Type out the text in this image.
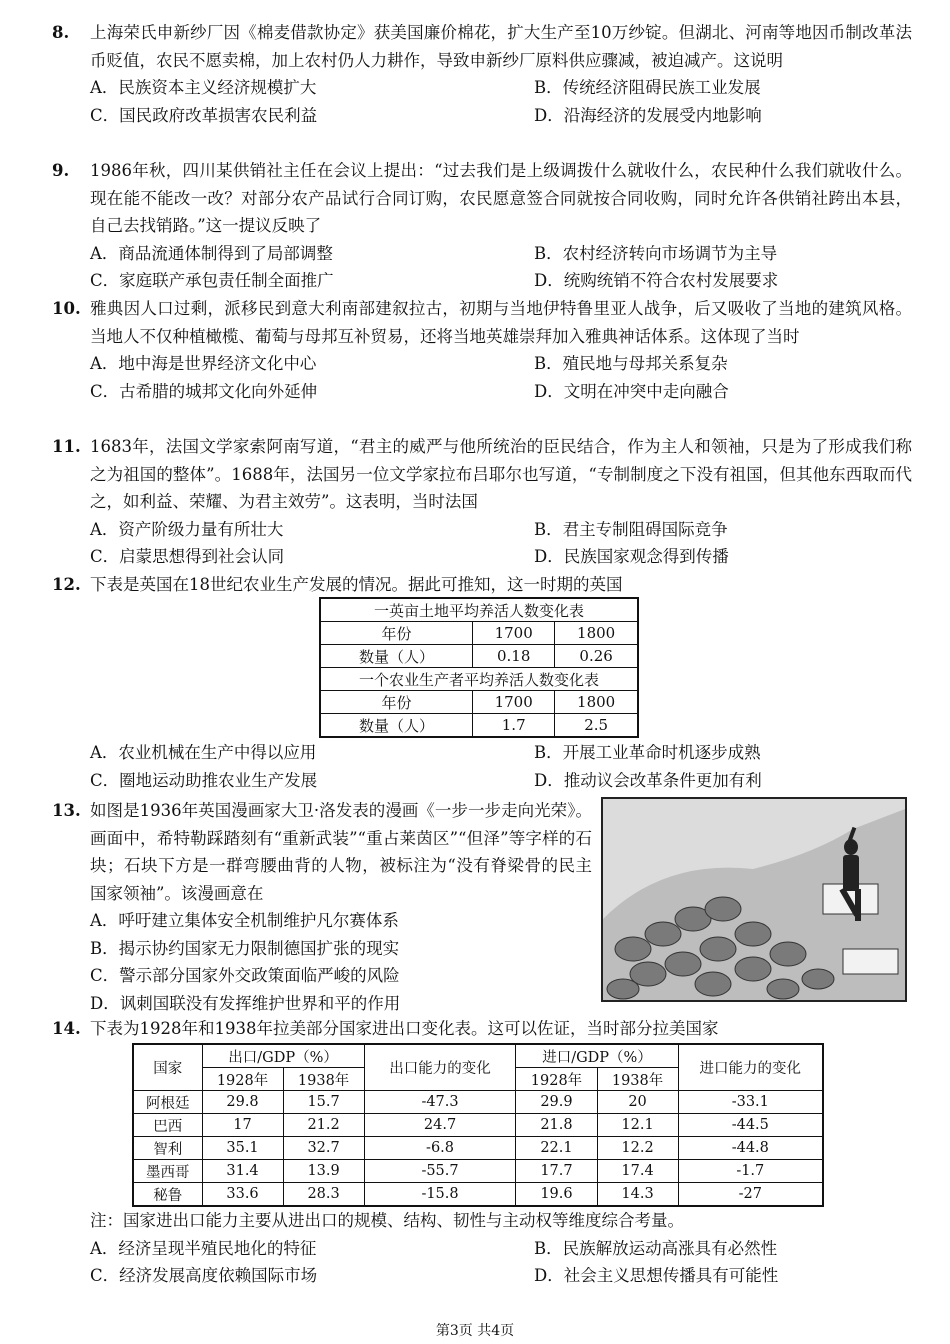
8. 上海荣氏申新纱厂因《棉麦借款协定》获美国廉价棉花，扩大生产至10万纱锭。但湖北、河南等地因币制改革法币贬值，农民不愿卖棉，加上农村仍人力耕作，导致申新纱厂原料供应骤减，被迫减产。这说明
A．民族资本主义经济规模扩大	B．传统经济阻碍民族工业发展
C．国民政府改革损害农民利益	D．沿海经济的发展受内地影响
9. 1986年秋，四川某供销社主任在会议上提出：“过去我们是上级调拨什么就收什么，农民种什么我们就收什么。现在能不能改一改？对部分农产品试行合同订购，农民愿意签合同就按合同收购，同时允许各供销社跨出本县，自己去找销路。”这一提议反映了
A．商品流通体制得到了局部调整	B．农村经济转向市场调节为主导
C．家庭联产承包责任制全面推广	D．统购统销不符合农村发展要求
10. 雅典因人口过剩，派移民到意大利南部建叙拉古，初期与当地伊特鲁里亚人战争，后又吸收了当地的建筑风格。当地人不仅种植橄榄、葡萄与母邦互补贸易，还将当地英雄崇拜加入雅典神话体系。这体现了当时
A．地中海是世界经济文化中心	B．殖民地与母邦关系复杂
C．古希腊的城邦文化向外延伸	D．文明在冲突中走向融合
11. 1683年，法国文学家索阿南写道，“君主的威严与他所统治的臣民结合，作为主人和领袖，只是为了形成我们称之为祖国的整体”。1688年，法国另一位文学家拉布吕耶尔也写道，“专制制度之下没有祖国，但其他东西取而代之，如利益、荣耀、为君主效劳”。这表明，当时法国
A．资产阶级力量有所壮大	B．君主专制阻碍国际竞争
C．启蒙思想得到社会认同	D．民族国家观念得到传播
12. 下表是英国在18世纪农业生产发展的情况。据此可推知，这一时期的英国
一英亩土地平均养活人数变化表		
年份	1700	1800
数量（人）	0.18	0.26
一个农业生产者平均养活人数变化表		
年份	1700	1800
数量（人）	1.7	2.5
A．农业机械在生产中得以应用	B．开展工业革命时机逐步成熟
C．圈地运动助推农业生产发展	D．推动议会改革条件更加有利
13. 如图是1936年英国漫画家大卫·洛发表的漫画《一步一步走向光荣》。画面中，希特勒踩踏刻有“重新武装”“重占莱茵区”“但泽”等字样的石块；石块下方是一群弯腰曲背的人物，被标注为“没有脊梁骨的民主国家领袖”。该漫画意在
A．呼吁建立集体安全机制维护凡尔赛体系
B．揭示协约国家无力限制德国扩张的现实
C．警示部分国家外交政策面临严峻的风险
D．讽刺国联没有发挥维护世界和平的作用
14. 下表为1928年和1938年拉美部分国家进出口变化表。这可以佐证，当时部分拉美国家
国家	出口/GDP（%）		出口能力的变化	进口/GDP（%）		进口能力的变化
	1928年	1938年		1928年	1938年	
阿根廷	29.8	15.7	-47.3	29.9	20	-33.1
巴西	17	21.2	24.7	21.8	12.1	-44.5
智利	35.1	32.7	-6.8	22.1	12.2	-44.8
墨西哥	31.4	13.9	-55.7	17.7	17.4	-1.7
秘鲁	33.6	28.3	-15.8	19.6	14.3	-27
注：国家进出口能力主要从进出口的规模、结构、韧性与主动权等维度综合考量。
A．经济呈现半殖民地化的特征	B．民族解放运动高涨具有必然性
C．经济发展高度依赖国际市场	D．社会主义思想传播具有可能性
第3页 共4页
